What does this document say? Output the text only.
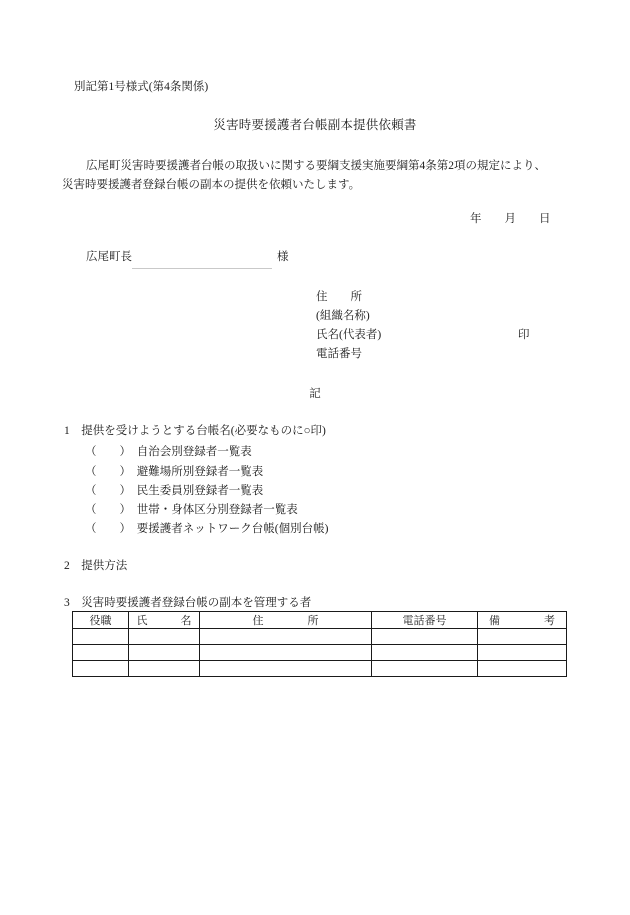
別記第1号様式(第4条関係)
災害時要援護者台帳副本提供依頼書
広尾町災害時要援護者台帳の取扱いに関する要綱支援実施要綱第4条第2項の規定により、
災害時要援護者登録台帳の副本の提供を依頼いたします。
年　　月　　日
広尾町長	様
住　　所
(組織名称)
氏名(代表者)	印
電話番号
記
1　提供を受けようとする台帳名(必要なものに○印)
（　　）　自治会別登録者一覧表
（　　）　避難場所別登録者一覧表
（　　）　民生委員別登録者一覧表
（　　）　世帯・身体区分別登録者一覧表
（　　）　要援護者ネットワーク台帳(個別台帳)
2　提供方法
3　災害時要援護者登録台帳の副本を管理する者
役職	氏　　　名	住　　　　所	電話番号	備　　　　考
